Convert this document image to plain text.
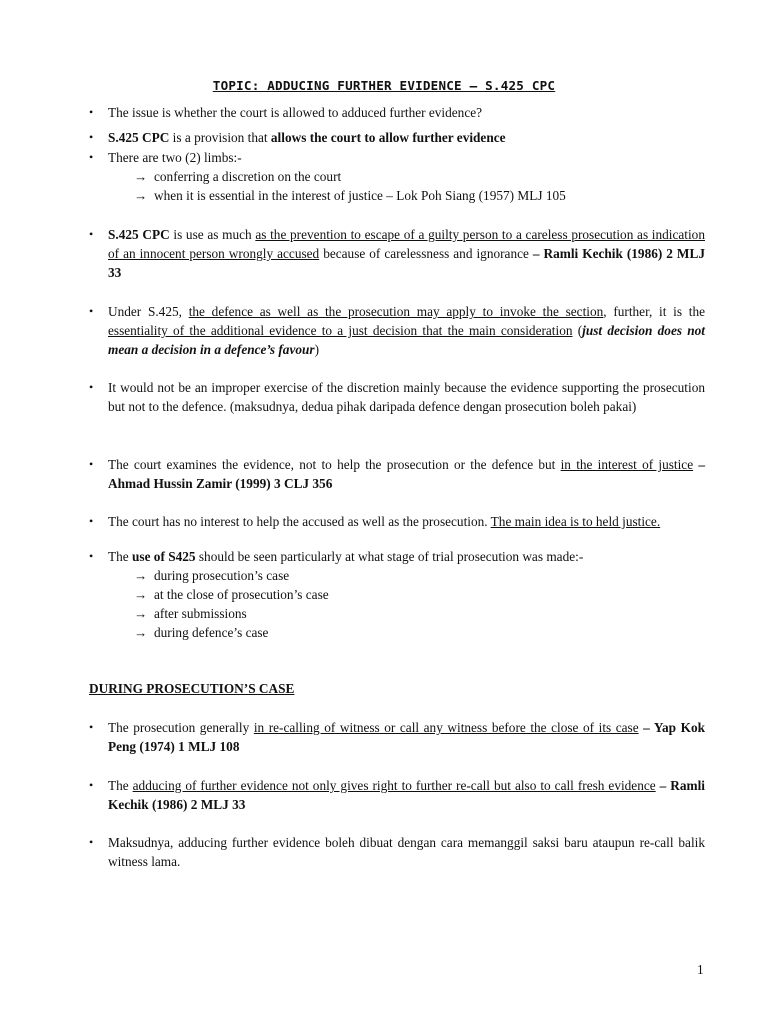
TOPIC: ADDUCING FURTHER EVIDENCE – S.425 CPC
• The issue is whether the court is allowed to adduced further evidence?
• S.425 CPC is a provision that allows the court to allow further evidence
• There are two (2) limbs:-
→ conferring a discretion on the court
→ when it is essential in the interest of justice – Lok Poh Siang (1957) MLJ 105
• S.425 CPC is use as much as the prevention to escape of a guilty person to a careless prosecution as indication of an innocent person wrongly accused because of carelessness and ignorance – Ramli Kechik (1986) 2 MLJ 33
• Under S.425, the defence as well as the prosecution may apply to invoke the section, further, it is the essentiality of the additional evidence to a just decision that the main consideration (just decision does not mean a decision in a defence’s favour)
• It would not be an improper exercise of the discretion mainly because the evidence supporting the prosecution but not to the defence. (maksudnya, dedua pihak daripada defence dengan prosecution boleh pakai)
• The court examines the evidence, not to help the prosecution or the defence but in the interest of justice – Ahmad Hussin Zamir (1999) 3 CLJ 356
• The court has no interest to help the accused as well as the prosecution. The main idea is to held justice.
• The use of S425 should be seen particularly at what stage of trial prosecution was made:-
→ during prosecution’s case
→ at the close of prosecution’s case
→ after submissions
→ during defence’s case
DURING PROSECUTION’S CASE
• The prosecution generally in re-calling of witness or call any witness before the close of its case – Yap Kok Peng (1974) 1 MLJ 108
• The adducing of further evidence not only gives right to further re-call but also to call fresh evidence – Ramli Kechik (1986) 2 MLJ 33
• Maksudnya, adducing further evidence boleh dibuat dengan cara memanggil saksi baru ataupun re-call balik witness lama.
1
